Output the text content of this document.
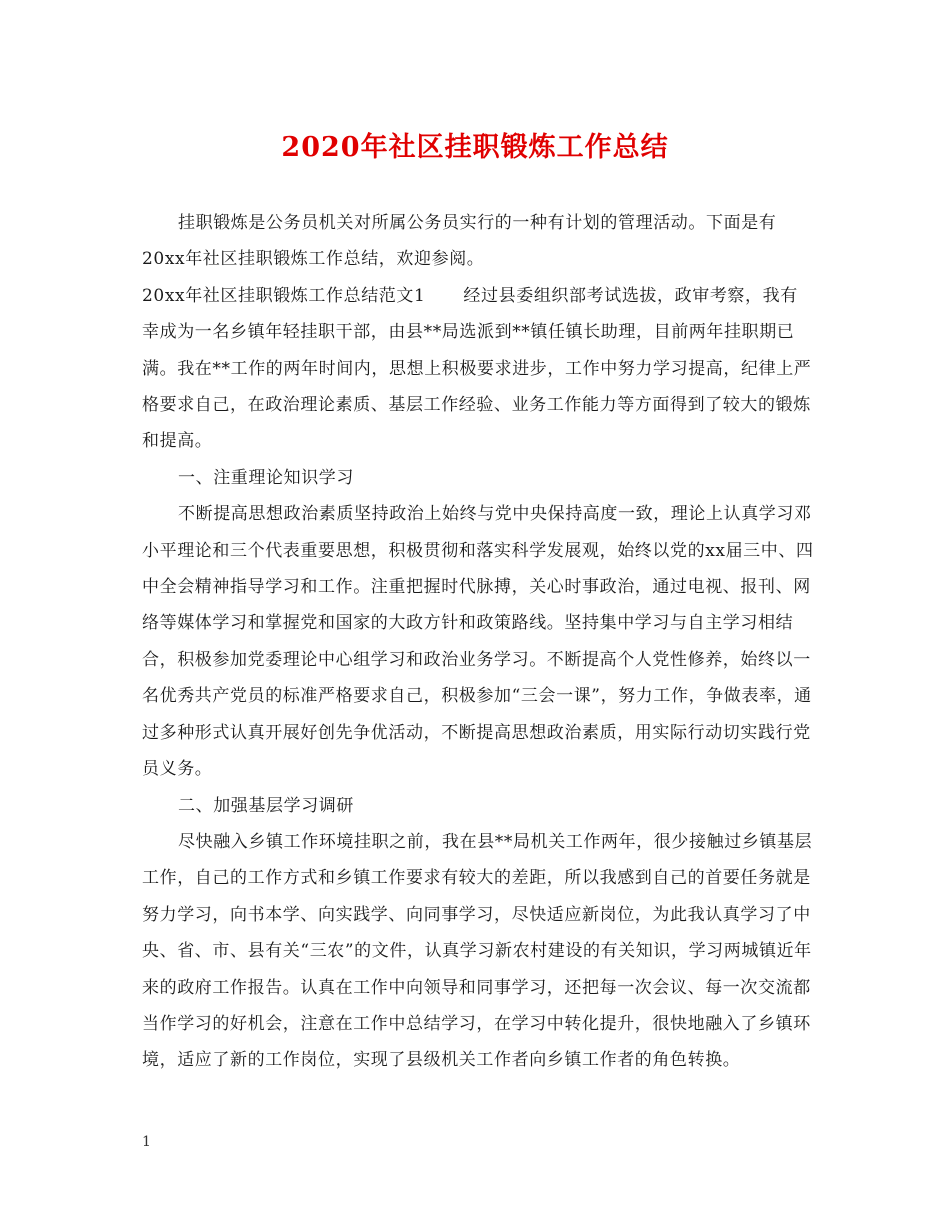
2020年社区挂职锻炼工作总结

挂职锻炼是公务员机关对所属公务员实行的一种有计划的管理活动。下面是有20xx年社区挂职锻炼工作总结，欢迎参阅。

20xx年社区挂职锻炼工作总结范文1 经过县委组织部考试选拔，政审考察，我有幸成为一名乡镇年轻挂职干部，由县**局选派到**镇任镇长助理，目前两年挂职期已满。我在**工作的两年时间内，思想上积极要求进步，工作中努力学习提高，纪律上严格要求自己，在政治理论素质、基层工作经验、业务工作能力等方面得到了较大的锻炼和提高。

一、注重理论知识学习

不断提高思想政治素质坚持政治上始终与党中央保持高度一致，理论上认真学习邓小平理论和三个代表重要思想，积极贯彻和落实科学发展观，始终以党的xx届三中、四中全会精神指导学习和工作。注重把握时代脉搏，关心时事政治，通过电视、报刊、网络等媒体学习和掌握党和国家的大政方针和政策路线。坚持集中学习与自主学习相结合，积极参加党委理论中心组学习和政治业务学习。不断提高个人党性修养，始终以一名优秀共产党员的标准严格要求自己，积极参加“三会一课”，努力工作，争做表率，通过多种形式认真开展好创先争优活动，不断提高思想政治素质，用实际行动切实践行党员义务。

二、加强基层学习调研

尽快融入乡镇工作环境挂职之前，我在县**局机关工作两年，很少接触过乡镇基层工作，自己的工作方式和乡镇工作要求有较大的差距，所以我感到自己的首要任务就是努力学习，向书本学、向实践学、向同事学习，尽快适应新岗位，为此我认真学习了中央、省、市、县有关“三农”的文件，认真学习新农村建设的有关知识，学习两城镇近年来的政府工作报告。认真在工作中向领导和同事学习，还把每一次会议、每一次交流都当作学习的好机会，注意在工作中总结学习，在学习中转化提升，很快地融入了乡镇环境，适应了新的工作岗位，实现了县级机关工作者向乡镇工作者的角色转换。

1
